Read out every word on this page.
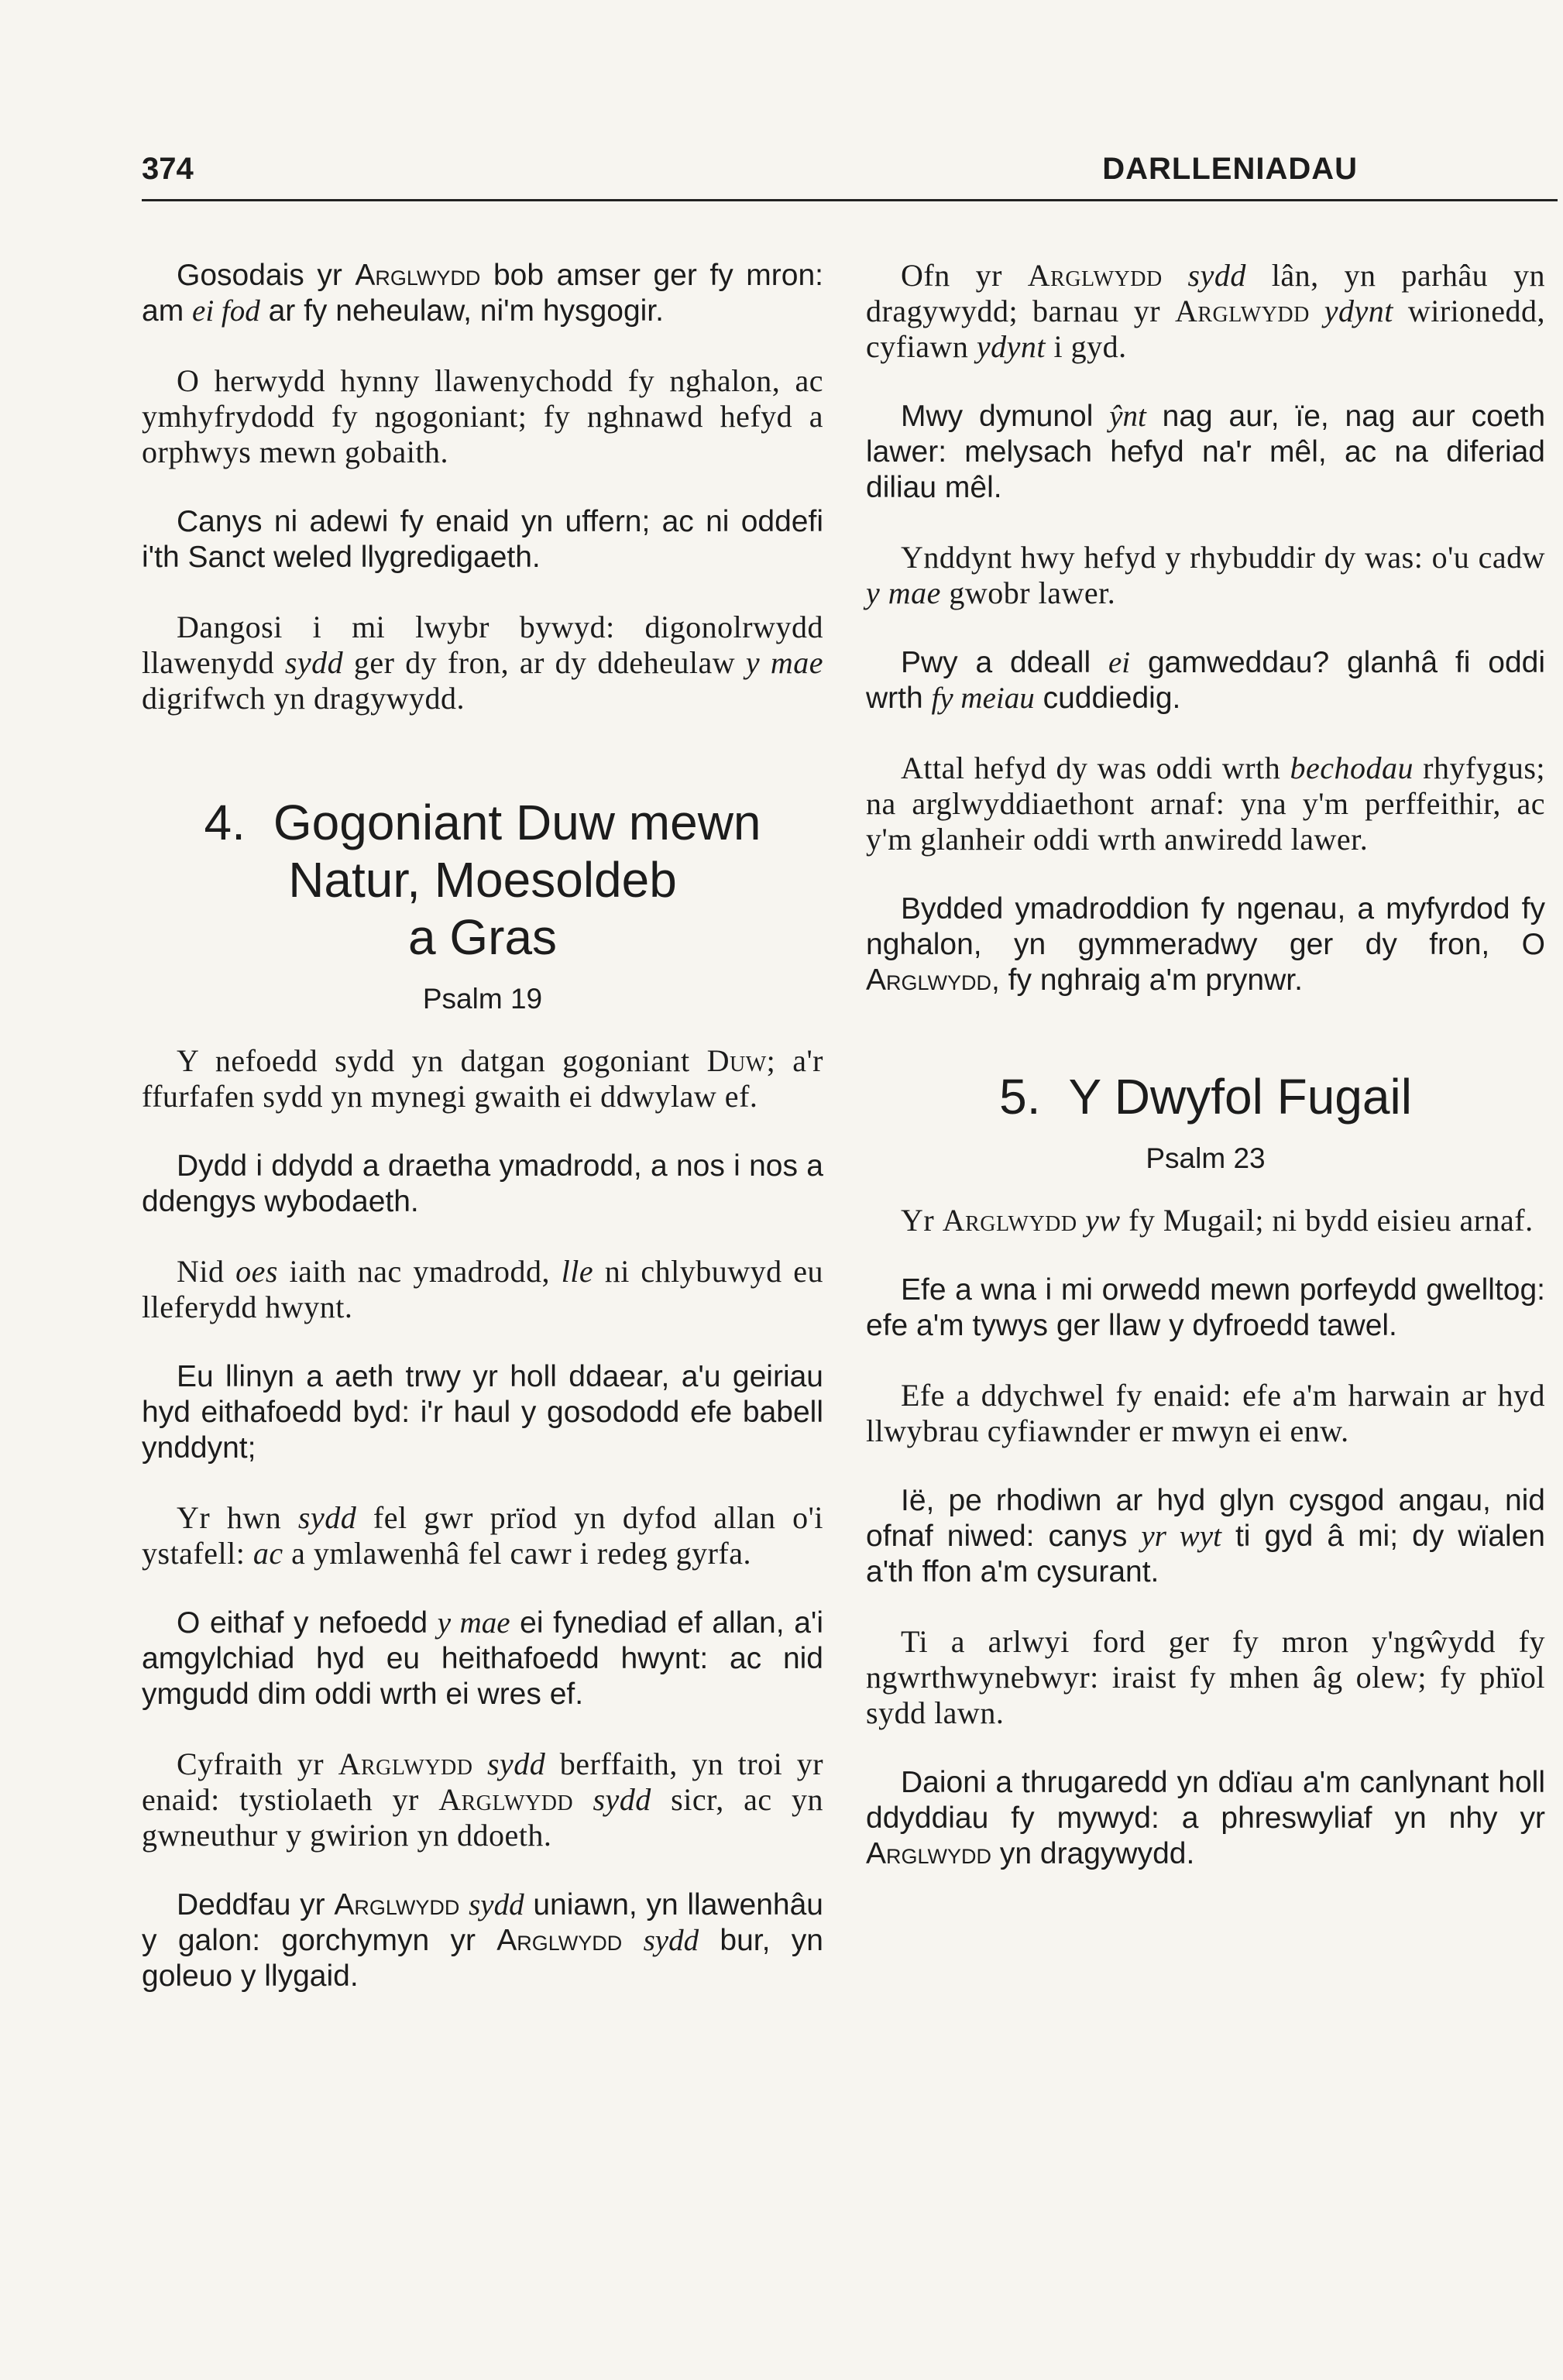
374	DARLLENIADAU

Gosodais yr Arglwydd bob amser ger fy mron: am ei fod ar fy neheulaw, ni'm hysgogir.

O herwydd hynny llawenychodd fy nghalon, ac ymhyfrydodd fy ngogoniant; fy nghnawd hefyd a orphwys mewn gobaith.

Canys ni adewi fy enaid yn uffern; ac ni oddefi i'th Sanct weled llygredigaeth.

Dangosi i mi lwybr bywyd: digonolrwydd llawenydd sydd ger dy fron, ar dy ddeheulaw y mae digrifwch yn dragywydd.

4. Gogoniant Duw mewn
Natur, Moesoldeb
a Gras

Psalm 19

Y nefoedd sydd yn datgan gogoniant Duw; a'r ffurfafen sydd yn mynegi gwaith ei ddwylaw ef.

Dydd i ddydd a draetha ymadrodd, a nos i nos a ddengys wybodaeth.

Nid oes iaith nac ymadrodd, lle ni chlybuwyd eu lleferydd hwynt.

Eu llinyn a aeth trwy yr holl ddaear, a'u geiriau hyd eithafoedd byd: i'r haul y gosododd efe babell ynddynt;

Yr hwn sydd fel gwr prïod yn dyfod allan o'i ystafell: ac a ymlawenhâ fel cawr i redeg gyrfa.

O eithaf y nefoedd y mae ei fynediad ef allan, a'i amgylchiad hyd eu heithafoedd hwynt: ac nid ymgudd dim oddi wrth ei wres ef.

Cyfraith yr Arglwydd sydd berffaith, yn troi yr enaid: tystiolaeth yr Arglwydd sydd sicr, ac yn gwneuthur y gwirion yn ddoeth.

Deddfau yr Arglwydd sydd uniawn, yn llawenhâu y galon: gorchymyn yr Arglwydd sydd bur, yn goleuo y llygaid.

Ofn yr Arglwydd sydd lân, yn parhâu yn dragywydd; barnau yr Arglwydd ydynt wirionedd, cyfiawn ydynt i gyd.

Mwy dymunol ŷnt nag aur, ïe, nag aur coeth lawer: melysach hefyd na'r mêl, ac na diferiad diliau mêl.

Ynddynt hwy hefyd y rhybuddir dy was: o'u cadw y mae gwobr lawer.

Pwy a ddeall ei gamweddau? glanhâ fi oddi wrth fy meiau cuddiedig.

Attal hefyd dy was oddi wrth bechodau rhyfygus; na arglwyddiaethont arnaf: yna y'm perffeithir, ac y'm glanheir oddi wrth anwiredd lawer.

Bydded ymadroddion fy ngenau, a myfyrdod fy nghalon, yn gymmeradwy ger dy fron, O Arglwydd, fy nghraig a'm prynwr.

5. Y Dwyfol Fugail

Psalm 23

Yr Arglwydd yw fy Mugail; ni bydd eisieu arnaf.

Efe a wna i mi orwedd mewn porfeydd gwelltog: efe a'm tywys ger llaw y dyfroedd tawel.

Efe a ddychwel fy enaid: efe a'm harwain ar hyd llwybrau cyfiawnder er mwyn ei enw.

Ië, pe rhodiwn ar hyd glyn cysgod angau, nid ofnaf niwed: canys yr wyt ti gyd â mi; dy wïalen a'th ffon a'm cysurant.

Ti a arlwyi ford ger fy mron y'ngŵydd fy ngwrthwynebwyr: iraist fy mhen âg olew; fy phïol sydd lawn.

Daioni a thrugaredd yn ddïau a'm canlynant holl ddyddiau fy mywyd: a phreswyliaf yn nhy yr Arglwydd yn dragywydd.
